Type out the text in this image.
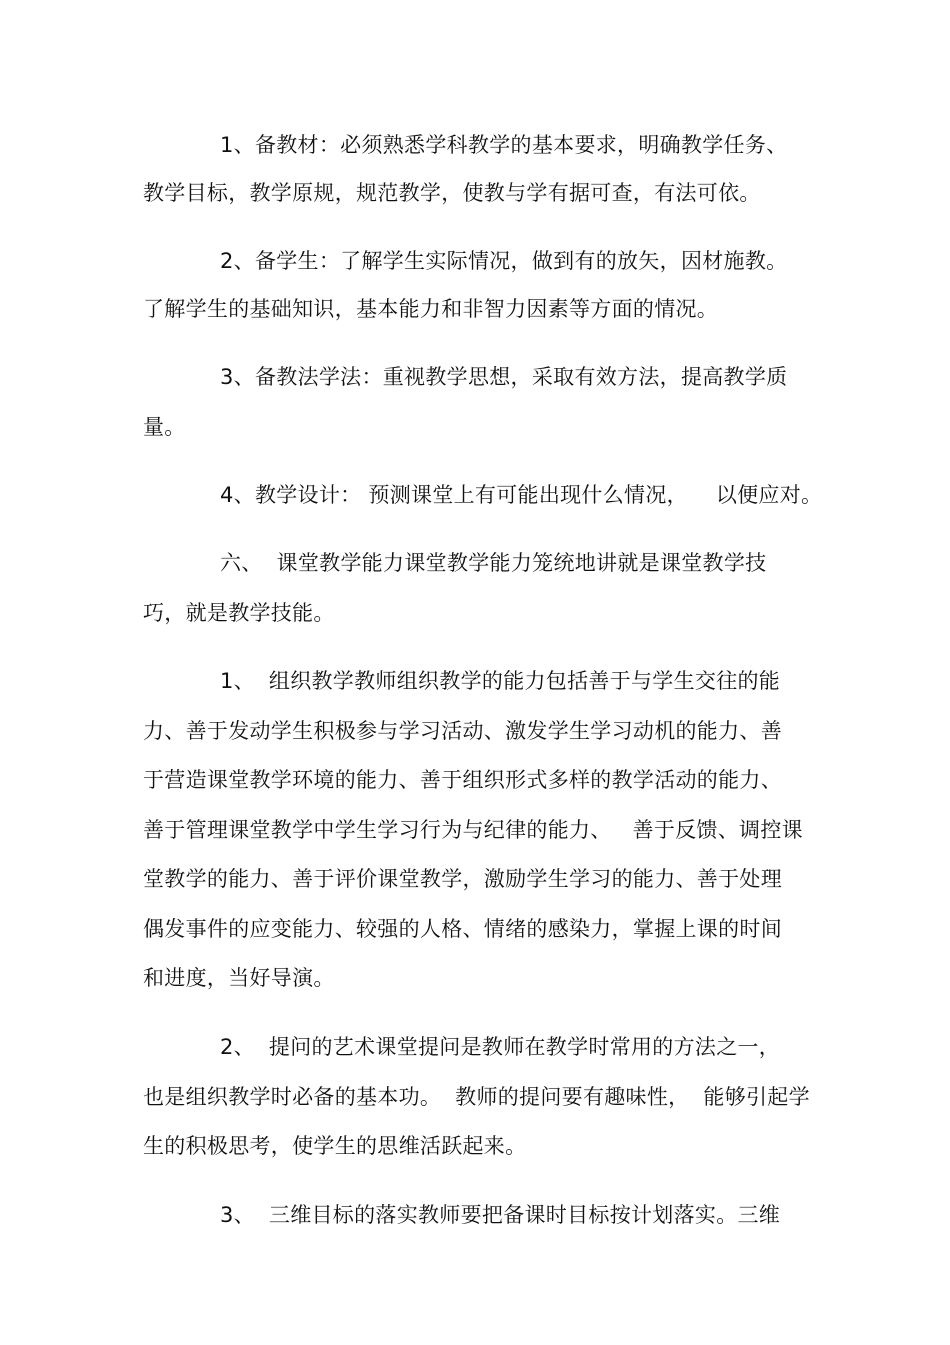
1、备教材：必须熟悉学科教学的基本要求，明确教学任务、
教学目标，教学原规，规范教学，使教与学有据可查，有法可依。
2、备学生：了解学生实际情况，做到有的放矢，因材施教。
了解学生的基础知识，基本能力和非智力因素等方面的情况。
3、备教法学法：重视教学思想，采取有效方法，提高教学质
量。
4、教学设计： 预测课堂上有可能出现什么情况，    以便应对。
六、  课堂教学能力课堂教学能力笼统地讲就是课堂教学技
巧，就是教学技能。
1、  组织教学教师组织教学的能力包括善于与学生交往的能
力、善于发动学生积极参与学习活动、激发学生学习动机的能力、善
于营造课堂教学环境的能力、善于组织形式多样的教学活动的能力、
善于管理课堂教学中学生学习行为与纪律的能力、   善于反馈、调控课
堂教学的能力、善于评价课堂教学，激励学生学习的能力、善于处理
偶发事件的应变能力、较强的人格、情绪的感染力，掌握上课的时间
和进度，当好导演。
2、  提问的艺术课堂提问是教师在教学时常用的方法之一，
也是组织教学时必备的基本功。  教师的提问要有趣味性，  能够引起学
生的积极思考，使学生的思维活跃起来。
3、  三维目标的落实教师要把备课时目标按计划落实。三维
